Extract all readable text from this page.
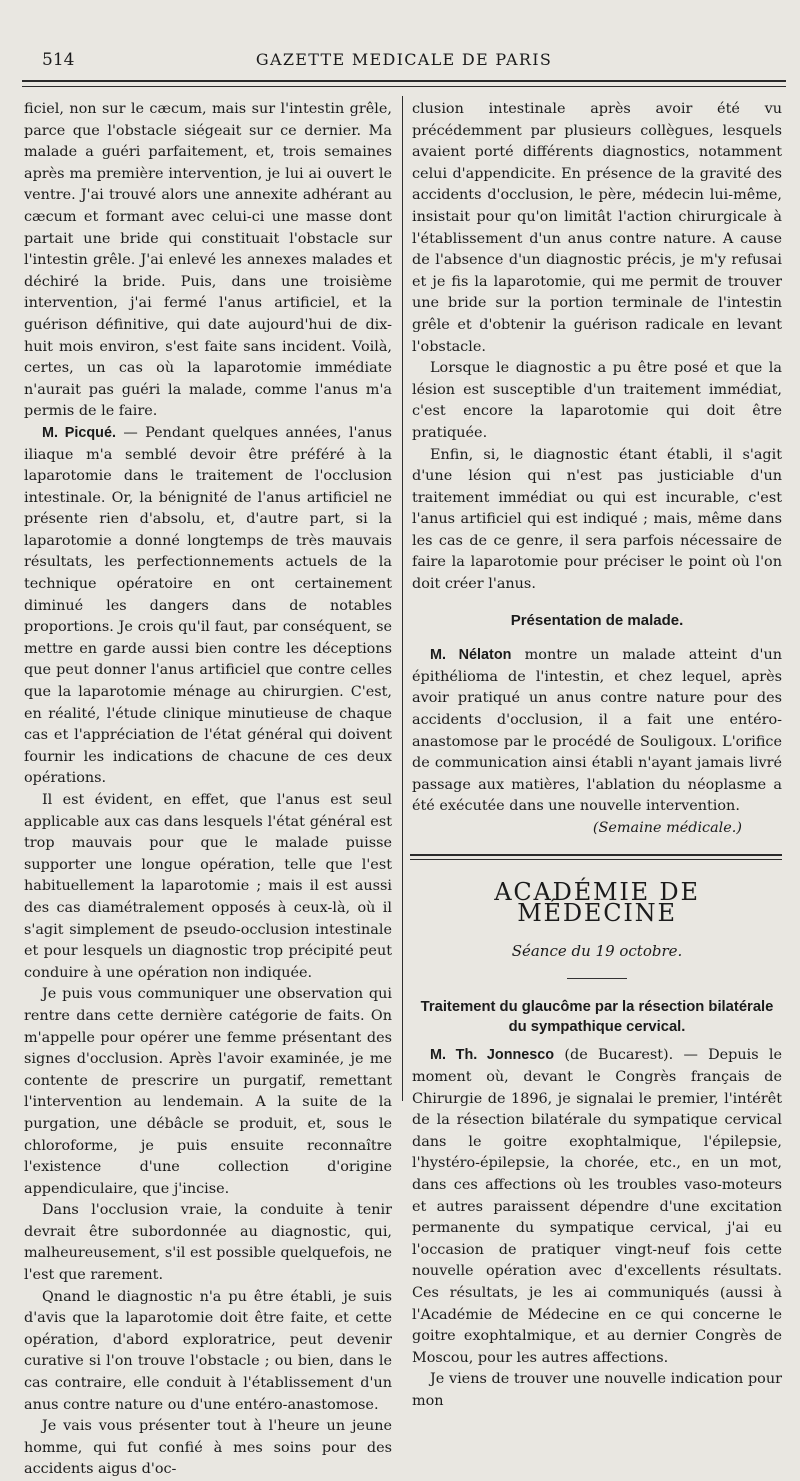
514	GAZETTE MEDICALE DE PARIS

ficiel, non sur le cæcum, mais sur l'intestin grêle, parce que l'obstacle siégeait sur ce dernier. Ma malade a guéri parfaitement, et, trois semaines après ma première intervention, je lui ai ouvert le ventre. J'ai trouvé alors une annexite adhérant au cæcum et formant avec celui-ci une masse dont partait une bride qui constituait l'obstacle sur l'intestin grêle. J'ai enlevé les annexes malades et déchiré la bride. Puis, dans une troisième intervention, j'ai fermé l'anus artificiel, et la guérison définitive, qui date aujourd'hui de dix-huit mois environ, s'est faite sans incident. Voilà, certes, un cas où la laparotomie immédiate n'aurait pas guéri la malade, comme l'anus m'a permis de le faire.

M. Picqué. — Pendant quelques années, l'anus iliaque m'a semblé devoir être préféré à la laparotomie dans le traitement de l'occlusion intestinale. Or, la bénignité de l'anus artificiel ne présente rien d'absolu, et, d'autre part, si la laparotomie a donné longtemps de très mauvais résultats, les perfectionnements actuels de la technique opératoire en ont certainement diminué les dangers dans de notables proportions. Je crois qu'il faut, par conséquent, se mettre en garde aussi bien contre les déceptions que peut donner l'anus artificiel que contre celles que la laparotomie ménage au chirurgien. C'est, en réalité, l'étude clinique minutieuse de chaque cas et l'appréciation de l'état général qui doivent fournir les indications de chacune de ces deux opérations.

Il est évident, en effet, que l'anus est seul applicable aux cas dans lesquels l'état général est trop mauvais pour que le malade puisse supporter une longue opération, telle que l'est habituellement la laparotomie ; mais il est aussi des cas diamétralement opposés à ceux-là, où il s'agit simplement de pseudo-occlusion intestinale et pour lesquels un diagnostic trop précipité peut conduire à une opération non indiquée.

Je puis vous communiquer une observation qui rentre dans cette dernière catégorie de faits. On m'appelle pour opérer une femme présentant des signes d'occlusion. Après l'avoir examinée, je me contente de prescrire un purgatif, remettant l'intervention au lendemain. A la suite de la purgation, une débâcle se produit, et, sous le chloroforme, je puis ensuite reconnaître l'existence d'une collection d'origine appendiculaire, que j'incise.

Dans l'occlusion vraie, la conduite à tenir devrait être subordonnée au diagnostic, qui, malheureusement, s'il est possible quelquefois, ne l'est que rarement.

Qnand le diagnostic n'a pu être établi, je suis d'avis que la laparotomie doit être faite, et cette opération, d'abord exploratrice, peut devenir curative si l'on trouve l'obstacle ; ou bien, dans le cas contraire, elle conduit à l'établissement d'un anus contre nature ou d'une entéro-anastomose.

Je vais vous présenter tout à l'heure un jeune homme, qui fut confié à mes soins pour des accidents aigus d'oc-

clusion intestinale après avoir été vu précédemment par plusieurs collègues, lesquels avaient porté différents diagnostics, notamment celui d'appendicite. En présence de la gravité des accidents d'occlusion, le père, médecin lui-même, insistait pour qu'on limitât l'action chirurgicale à l'établissement d'un anus contre nature. A cause de l'absence d'un diagnostic précis, je m'y refusai et je fis la laparotomie, qui me permit de trouver une bride sur la portion terminale de l'intestin grêle et d'obtenir la guérison radicale en levant l'obstacle.

Lorsque le diagnostic a pu être posé et que la lésion est susceptible d'un traitement immédiat, c'est encore la laparotomie qui doit être pratiquée.

Enfin, si, le diagnostic étant établi, il s'agit d'une lésion qui n'est pas justiciable d'un traitement immédiat ou qui est incurable, c'est l'anus artificiel qui est indiqué ; mais, même dans les cas de ce genre, il sera parfois nécessaire de faire la laparotomie pour préciser le point où l'on doit créer l'anus.

Présentation de malade.

M. Nélaton montre un malade atteint d'un épithélioma de l'intestin, et chez lequel, après avoir pratiqué un anus contre nature pour des accidents d'occlusion, il a fait une entéro-anastomose par le procédé de Souligoux. L'orifice de communication ainsi établi n'ayant jamais livré passage aux matières, l'ablation du néoplasme a été exécutée dans une nouvelle intervention.

(Semaine médicale.)
ACADÉMIE DE MÉDECINE
Séance du 19 octobre.
Traitement du glaucôme par la résection bilatérale du sympathique cervical.

M. Th. Jonnesco (de Bucarest). — Depuis le moment où, devant le Congrès français de Chirurgie de 1896, je signalai le premier, l'intérêt de la résection bilatérale du sympatique cervical dans le goitre exophtalmique, l'épilepsie, l'hystéro-épilepsie, la chorée, etc., en un mot, dans ces affections où les troubles vaso-moteurs et autres paraissent dépendre d'une excitation permanente du sympatique cervical, j'ai eu l'occasion de pratiquer vingt-neuf fois cette nouvelle opération avec d'excellents résultats. Ces résultats, je les ai communiqués (aussi à l'Académie de Médecine en ce qui concerne le goitre exophtalmique, et au dernier Congrès de Moscou, pour les autres affections.

Je viens de trouver une nouvelle indication pour mon
